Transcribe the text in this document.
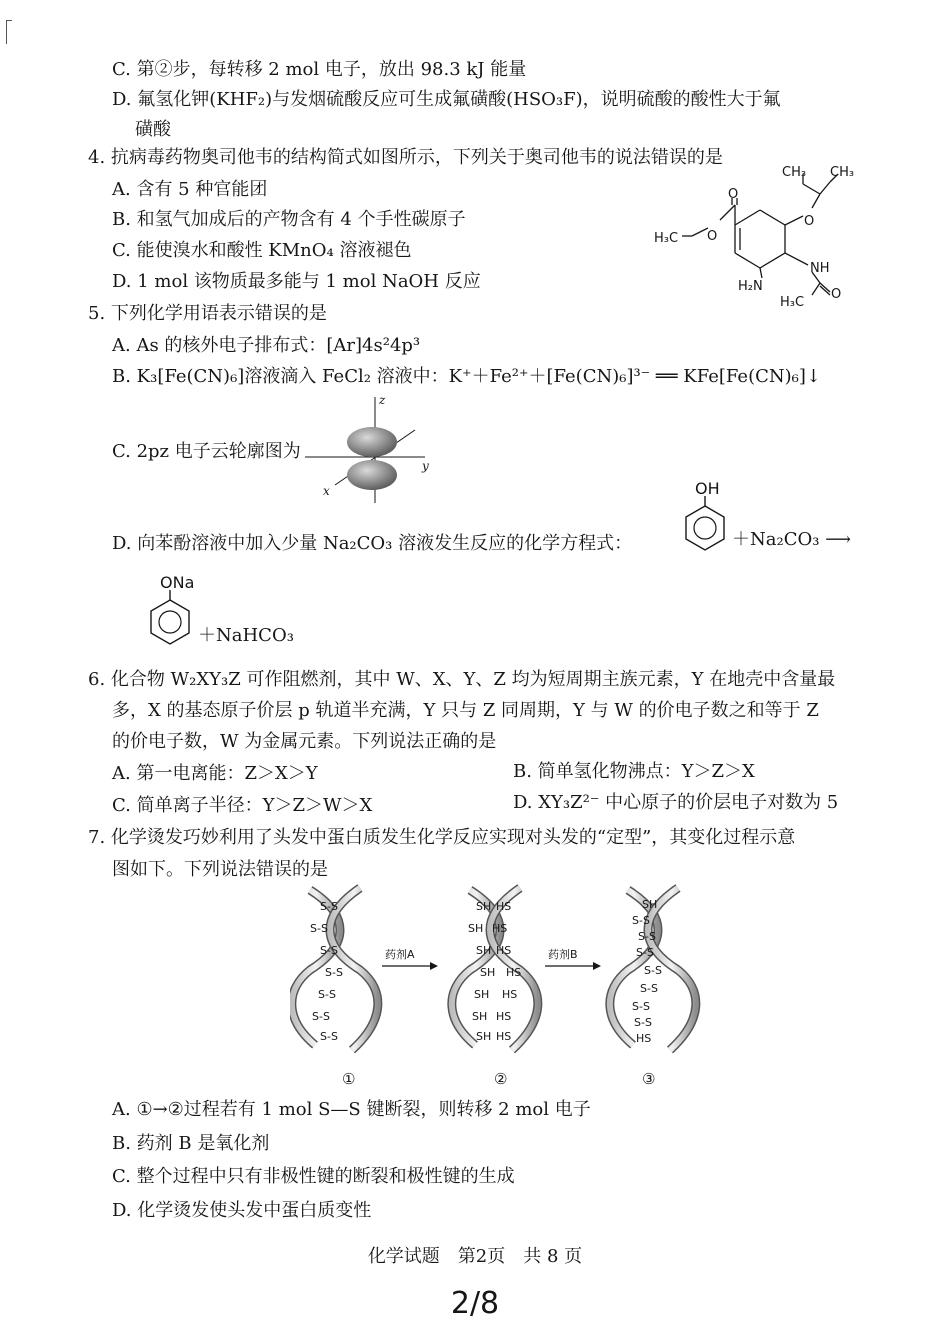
C. 第②步，每转移 2 mol 电子，放出 98.3 kJ 能量
D. 氟氢化钾(KHF₂)与发烟硫酸反应可生成氟磺酸(HSO₃F)，说明硫酸的酸性大于氟
磺酸
4. 抗病毒药物奥司他韦的结构简式如图所示，下列关于奥司他韦的说法错误的是
A. 含有 5 种官能团
B. 和氢气加成后的产物含有 4 个手性碳原子
C. 能使溴水和酸性 KMnO₄ 溶液褪色
D. 1 mol 该物质最多能与 1 mol NaOH 反应
CH₃ CH₃
O
H₃C O
O
NH
H₂N
H₃C
O
5. 下列化学用语表示错误的是
A. As 的核外电子排布式：[Ar]4s²4p³
B. K₃[Fe(CN)₆]溶液滴入 FeCl₂ 溶液中：K⁺＋Fe²⁺＋[Fe(CN)₆]³⁻ ══ KFe[Fe(CN)₆]↓
C. 2pz 电子云轮廓图为
z
y
x
D. 向苯酚溶液中加入少量 Na₂CO₃ 溶液发生反应的化学方程式：
OH
＋Na₂CO₃ ⟶
ONa
＋NaHCO₃
6. 化合物 W₂XY₃Z 可作阻燃剂，其中 W、X、Y、Z 均为短周期主族元素，Y 在地壳中含量最
多，X 的基态原子价层 p 轨道半充满，Y 只与 Z 同周期，Y 与 W 的价电子数之和等于 Z
的价电子数，W 为金属元素。下列说法正确的是
A. 第一电离能：Z＞X＞Y	B. 简单氢化物沸点：Y＞Z＞X
C. 简单离子半径：Y＞Z＞W＞X	D. XY₃Z²⁻ 中心原子的价层电子对数为 5
7. 化学烫发巧妙利用了头发中蛋白质发生化学反应实现对头发的“定型”，其变化过程示意
图如下。下列说法错误的是
S-S
S-S
S-S
S-S
S-S
S-S
S-S
药剂A
SH HS
SH HS
SH HS
SH HS
SH HS
SH HS
SH HS
药剂B
SH
S-S
S-S
S-S
S-S
S-S
S-S
S-S
HS
①	②	③
A. ①→②过程若有 1 mol S—S 键断裂，则转移 2 mol 电子
B. 药剂 B 是氧化剂
C. 整个过程中只有非极性键的断裂和极性键的生成
D. 化学烫发使头发中蛋白质变性
化学试题　第2页　共 8 页
2/8
